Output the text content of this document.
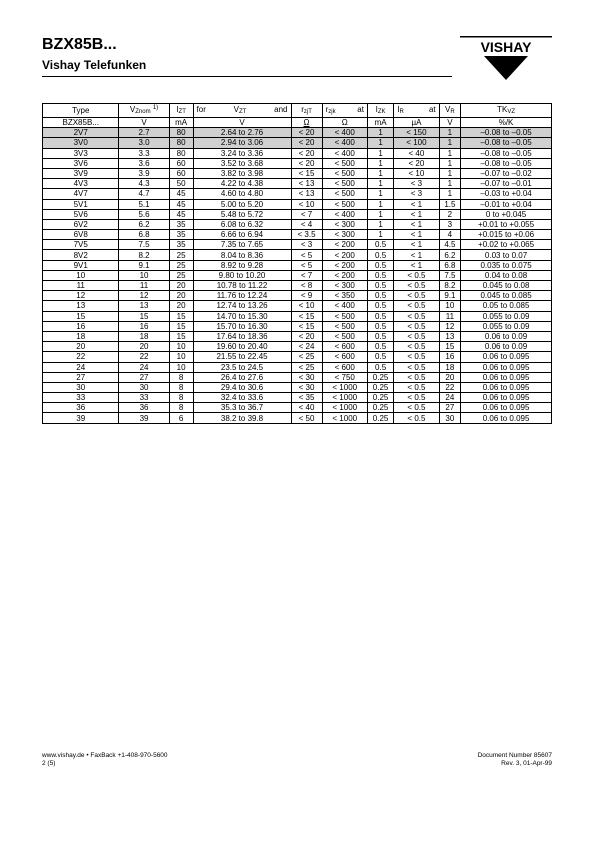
BZX85B...
Vishay Telefunken
VISHAY
Type	VZnom $^{1)}$	IZT	for VZT and	rzjT	rzjk at	IZK	IR at	VR	TKVZ
BZX85B...	V	mA	V	Ω	Ω	mA	µA	V	%/K
2V7	2.7	80	2.64 to 2.76	< 20	< 400	1	< 150	1	–0.08 to –0.05
3V0	3.0	80	2.94 to 3.06	< 20	< 400	1	< 100	1	–0.08 to –0.05
3V3	3.3	80	3.24 to 3.36	< 20	< 400	1	< 40	1	–0.08 to –0.05
3V6	3.6	60	3.52 to 3.68	< 20	< 500	1	< 20	1	–0.08 to –0.05
3V9	3.9	60	3.82 to 3.98	< 15	< 500	1	< 10	1	–0.07 to –0.02
4V3	4.3	50	4.22 to 4.38	< 13	< 500	1	< 3	1	–0.07 to –0.01
4V7	4.7	45	4.60 to 4.80	< 13	< 500	1	< 3	1	–0.03 to +0.04
5V1	5.1	45	5.00 to 5.20	< 10	< 500	1	< 1	1.5	–0.01 to +0.04
5V6	5.6	45	5.48 to 5.72	< 7	< 400	1	< 1	2	0 to +0.045
6V2	6.2	35	6.08 to 6.32	< 4	< 300	1	< 1	3	+0.01 to +0.055
6V8	6.8	35	6.66 to 6.94	< 3.5	< 300	1	< 1	4	+0.015 to +0.06
7V5	7.5	35	7.35 to 7.65	< 3	< 200	0.5	< 1	4.5	+0.02 to +0.065
8V2	8.2	25	8.04 to 8.36	< 5	< 200	0.5	< 1	6.2	0.03 to 0.07
9V1	9.1	25	8.92 to 9.28	< 5	< 200	0.5	< 1	6.8	0.035 to 0.075
10	10	25	9.80 to 10.20	< 7	< 200	0.5	< 0.5	7.5	0.04 to 0.08
11	11	20	10.78 to 11.22	< 8	< 300	0.5	< 0.5	8.2	0.045 to 0.08
12	12	20	11.76 to 12.24	< 9	< 350	0.5	< 0.5	9.1	0.045 to 0.085
13	13	20	12.74 to 13.26	< 10	< 400	0.5	< 0.5	10	0.05 to 0.085
15	15	15	14.70 to 15.30	< 15	< 500	0.5	< 0.5	11	0.055 to 0.09
16	16	15	15.70 to 16.30	< 15	< 500	0.5	< 0.5	12	0.055 to 0.09
18	18	15	17.64 to 18.36	< 20	< 500	0.5	< 0.5	13	0.06 to 0.09
20	20	10	19.60 to 20.40	< 24	< 600	0.5	< 0.5	15	0.06 to 0.09
22	22	10	21.55 to 22.45	< 25	< 600	0.5	< 0.5	16	0.06 to 0.095
24	24	10	23.5 to 24.5	< 25	< 600	0.5	< 0.5	18	0.06 to 0.095
27	27	8	26.4 to 27.6	< 30	< 750	0.25	< 0.5	20	0.06 to 0.095
30	30	8	29.4 to 30.6	< 30	< 1000	0.25	< 0.5	22	0.06 to 0.095
33	33	8	32.4 to 33.6	< 35	< 1000	0.25	< 0.5	24	0.06 to 0.095
36	36	8	35.3 to 36.7	< 40	< 1000	0.25	< 0.5	27	0.06 to 0.095
39	39	6	38.2 to 39.8	< 50	< 1000	0.25	< 0.5	30	0.06 to 0.095
www.vishay.de • FaxBack +1-408-970-5600
2 (5)
Document Number 85607
Rev. 3, 01-Apr-99
